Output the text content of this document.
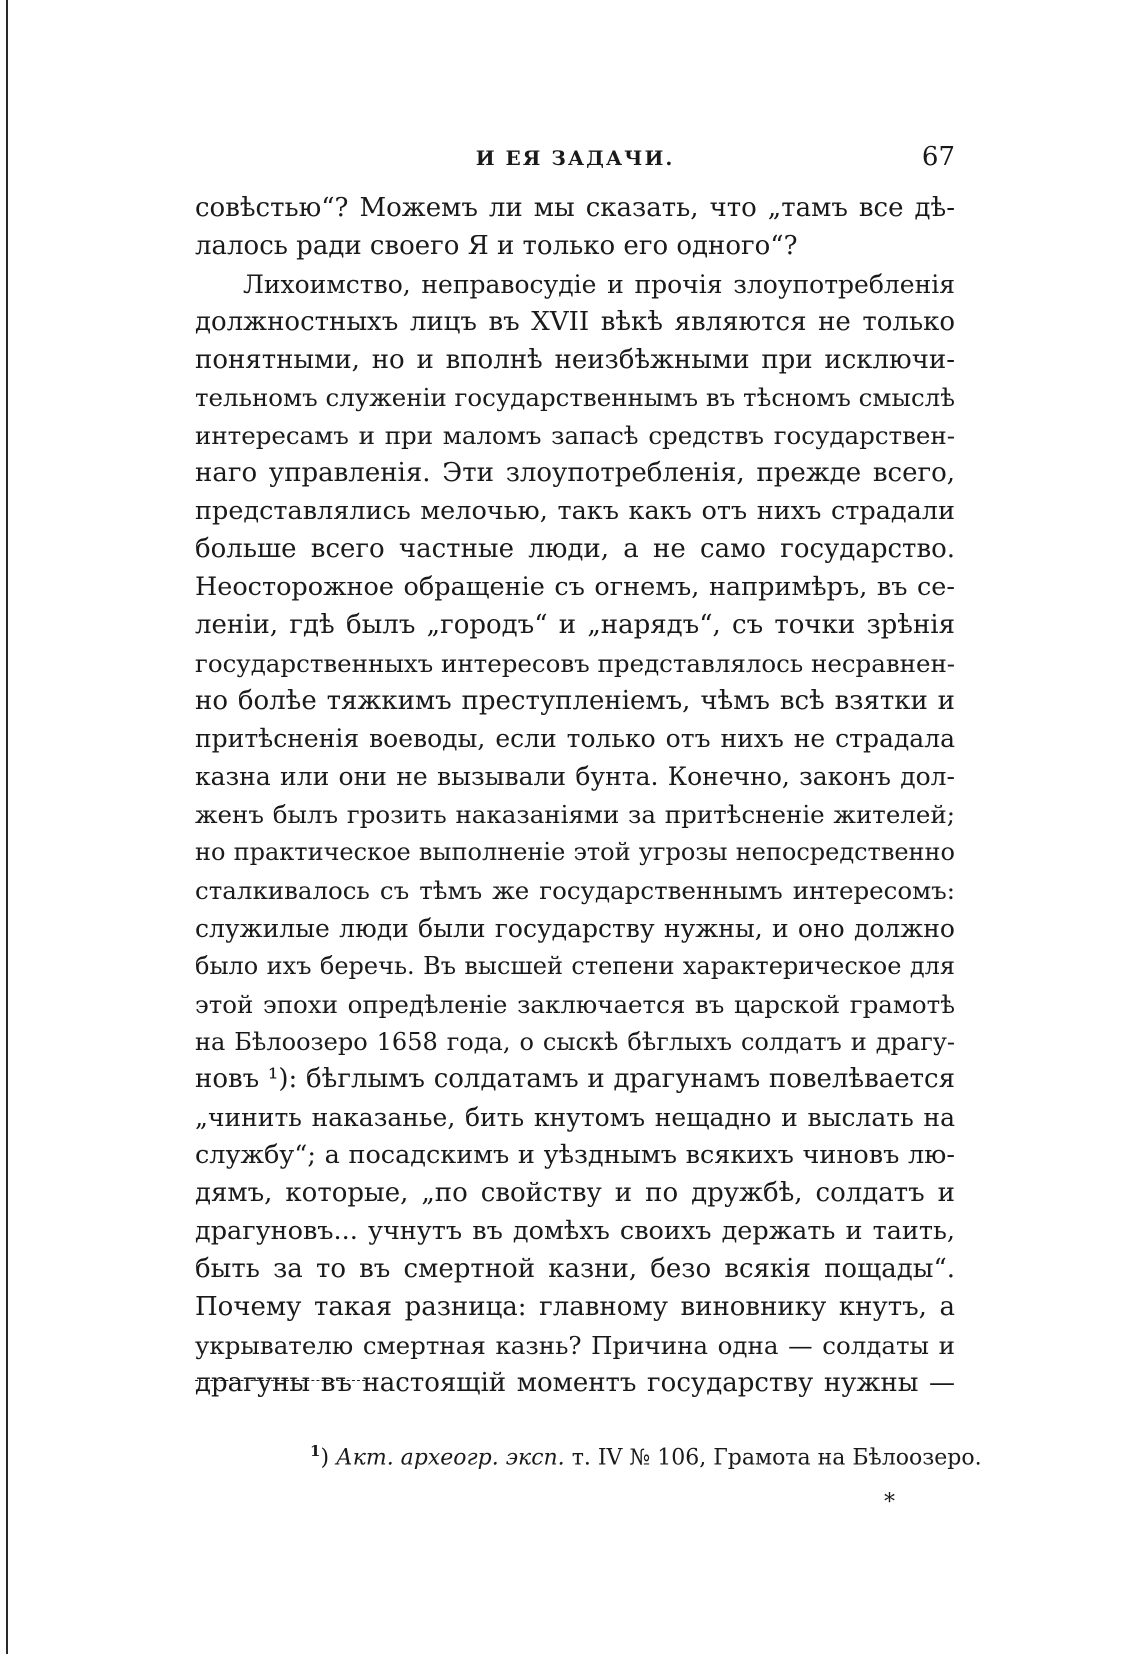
И ЕЯ ЗАДАЧИ.	67
совѣстью“? Можемъ ли мы сказать, что „тамъ все дѣ-
лалось ради своего Я и только его одного“?
Лихоимство, неправосудіе и прочія злоупотребленія
должностныхъ лицъ въ XVII вѣкѣ являются не только
понятными, но и вполнѣ неизбѣжными при исключи-
тельномъ служеніи государственнымъ въ тѣсномъ смыслѣ
интересамъ и при маломъ запасѣ средствъ государствен-
наго управленія. Эти злоупотребленія, прежде всего,
представлялись мелочью, такъ какъ отъ нихъ страдали
больше всего частные люди, а не само государство.
Неосторожное обращеніе съ огнемъ, напримѣръ, въ се-
леніи, гдѣ былъ „городъ“ и „нарядъ“, съ точки зрѣнія
государственныхъ интересовъ представлялось несравнен-
но болѣе тяжкимъ преступленіемъ, чѣмъ всѣ взятки и
притѣсненія воеводы, если только отъ нихъ не страдала
казна или они не вызывали бунта. Конечно, законъ дол-
женъ былъ грозить наказаніями за притѣсненіе жителей;
но практическое выполненіе этой угрозы непосредственно
сталкивалось съ тѣмъ же государственнымъ интересомъ:
служилые люди были государству нужны, и оно должно
было ихъ беречь. Въ высшей степени характерическое для
этой эпохи опредѣленіе заключается въ царской грамотѣ
на Бѣлоозеро 1658 года, о сыскѣ бѣглыхъ солдатъ и драгу-
новъ ¹): бѣглымъ солдатамъ и драгунамъ повелѣвается
„чинить наказанье, бить кнутомъ нещадно и выслать на
службу“; а посадскимъ и уѣзднымъ всякихъ чиновъ лю-
дямъ, которые, „по свойству и по дружбѣ, солдатъ и
драгуновъ... учнутъ въ домѣхъ своихъ держать и таить,
быть за то въ смертной казни, безо всякія пощады“.
Почему такая разница: главному виновнику кнутъ, а
укрывателю смертная казнь? Причина одна — солдаты и
драгуны въ настоящій моментъ государству нужны —
$^1$) Акт. археогр. эксп. т. IV № 106, Грамота на Бѣлоозеро.
*
